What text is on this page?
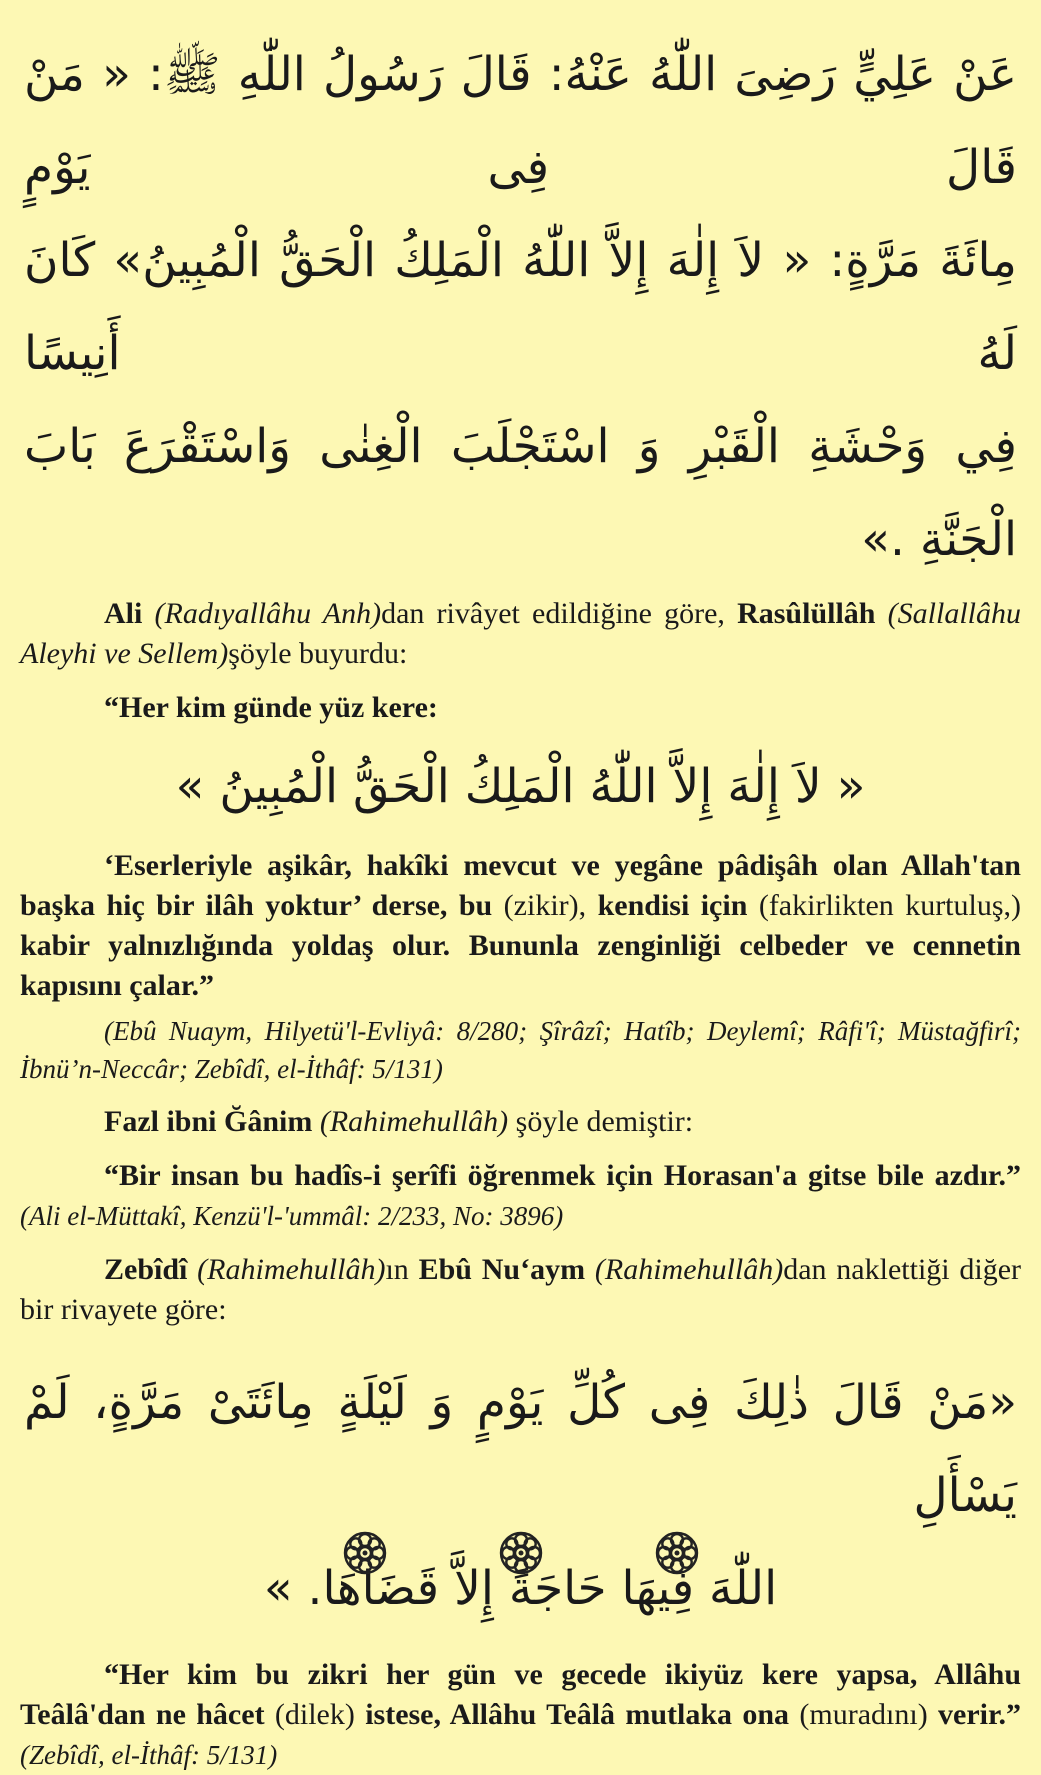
عَنْ عَلِيٍّ رَضِىَ اللّٰهُ عَنْهُ: قَالَ رَسُولُ اللّٰهِ ﷺ: « مَنْ قَالَ فِى يَوْمٍ

مِائَةَ مَرَّةٍ: « لاَ إِلٰهَ إِلاَّ اللّٰهُ الْمَلِكُ الْحَقُّ الْمُبِينُ» كَانَ لَهُ أَنِيسًا

فِي وَحْشَةِ الْقَبْرِ وَ اسْتَجْلَبَ الْغِنٰى وَاسْتَقْرَعَ بَابَ الْجَنَّةِ .»

Ali (Radıyallâhu Anh)dan rivâyet edildiğine göre, Rasûlüllâh (Sallallâhu Aleyhi ve Sellem)şöyle buyurdu:

“Her kim günde yüz kere:

« لاَ إِلٰهَ إِلاَّ اللّٰهُ الْمَلِكُ الْحَقُّ الْمُبِينُ »

‘Eserleriyle aşikâr, hakîki mevcut ve yegâne pâdişâh olan Allah'tan başka hiç bir ilâh yoktur’ derse, bu (zikir), kendisi için (fakirlikten kurtuluş,) kabir yalnızlığında yoldaş olur. Bununla zenginliği celbeder ve cennetin kapısını çalar.”

(Ebû Nuaym, Hilyetü'l-Evliyâ: 8/280; Şîrâzî; Hatîb; Deylemî; Râfi'î; Müstağfirî; İbnü’n-Neccâr; Zebîdî, el-İthâf: 5/131)

Fazl ibni Ğânim (Rahimehullâh) şöyle demiştir:

“Bir insan bu hadîs-i şerîfi öğrenmek için Horasan'a gitse bile azdır.” (Ali el-Müttakî, Kenzü'l-'ummâl: 2/233, No: 3896)

Zebîdî (Rahimehullâh)ın Ebû Nu‘aym (Rahimehullâh)dan naklettiği diğer bir rivayete göre:

«مَنْ قَالَ ذٰلِكَ فِى كُلِّ يَوْمٍ وَ لَيْلَةٍ مِائَتَىْ مَرَّةٍ، لَمْ يَسْأَلِ

اللّٰهَ فِيهَا حَاجَةً إِلاَّ قَضَاهَا. »

“Her kim bu zikri her gün ve gecede ikiyüz kere yapsa, Allâhu Teâlâ'dan ne hâcet (dilek) istese, Allâhu Teâlâ mutlaka ona (muradını) verir.” (Zebîdî, el-İthâf: 5/131)
